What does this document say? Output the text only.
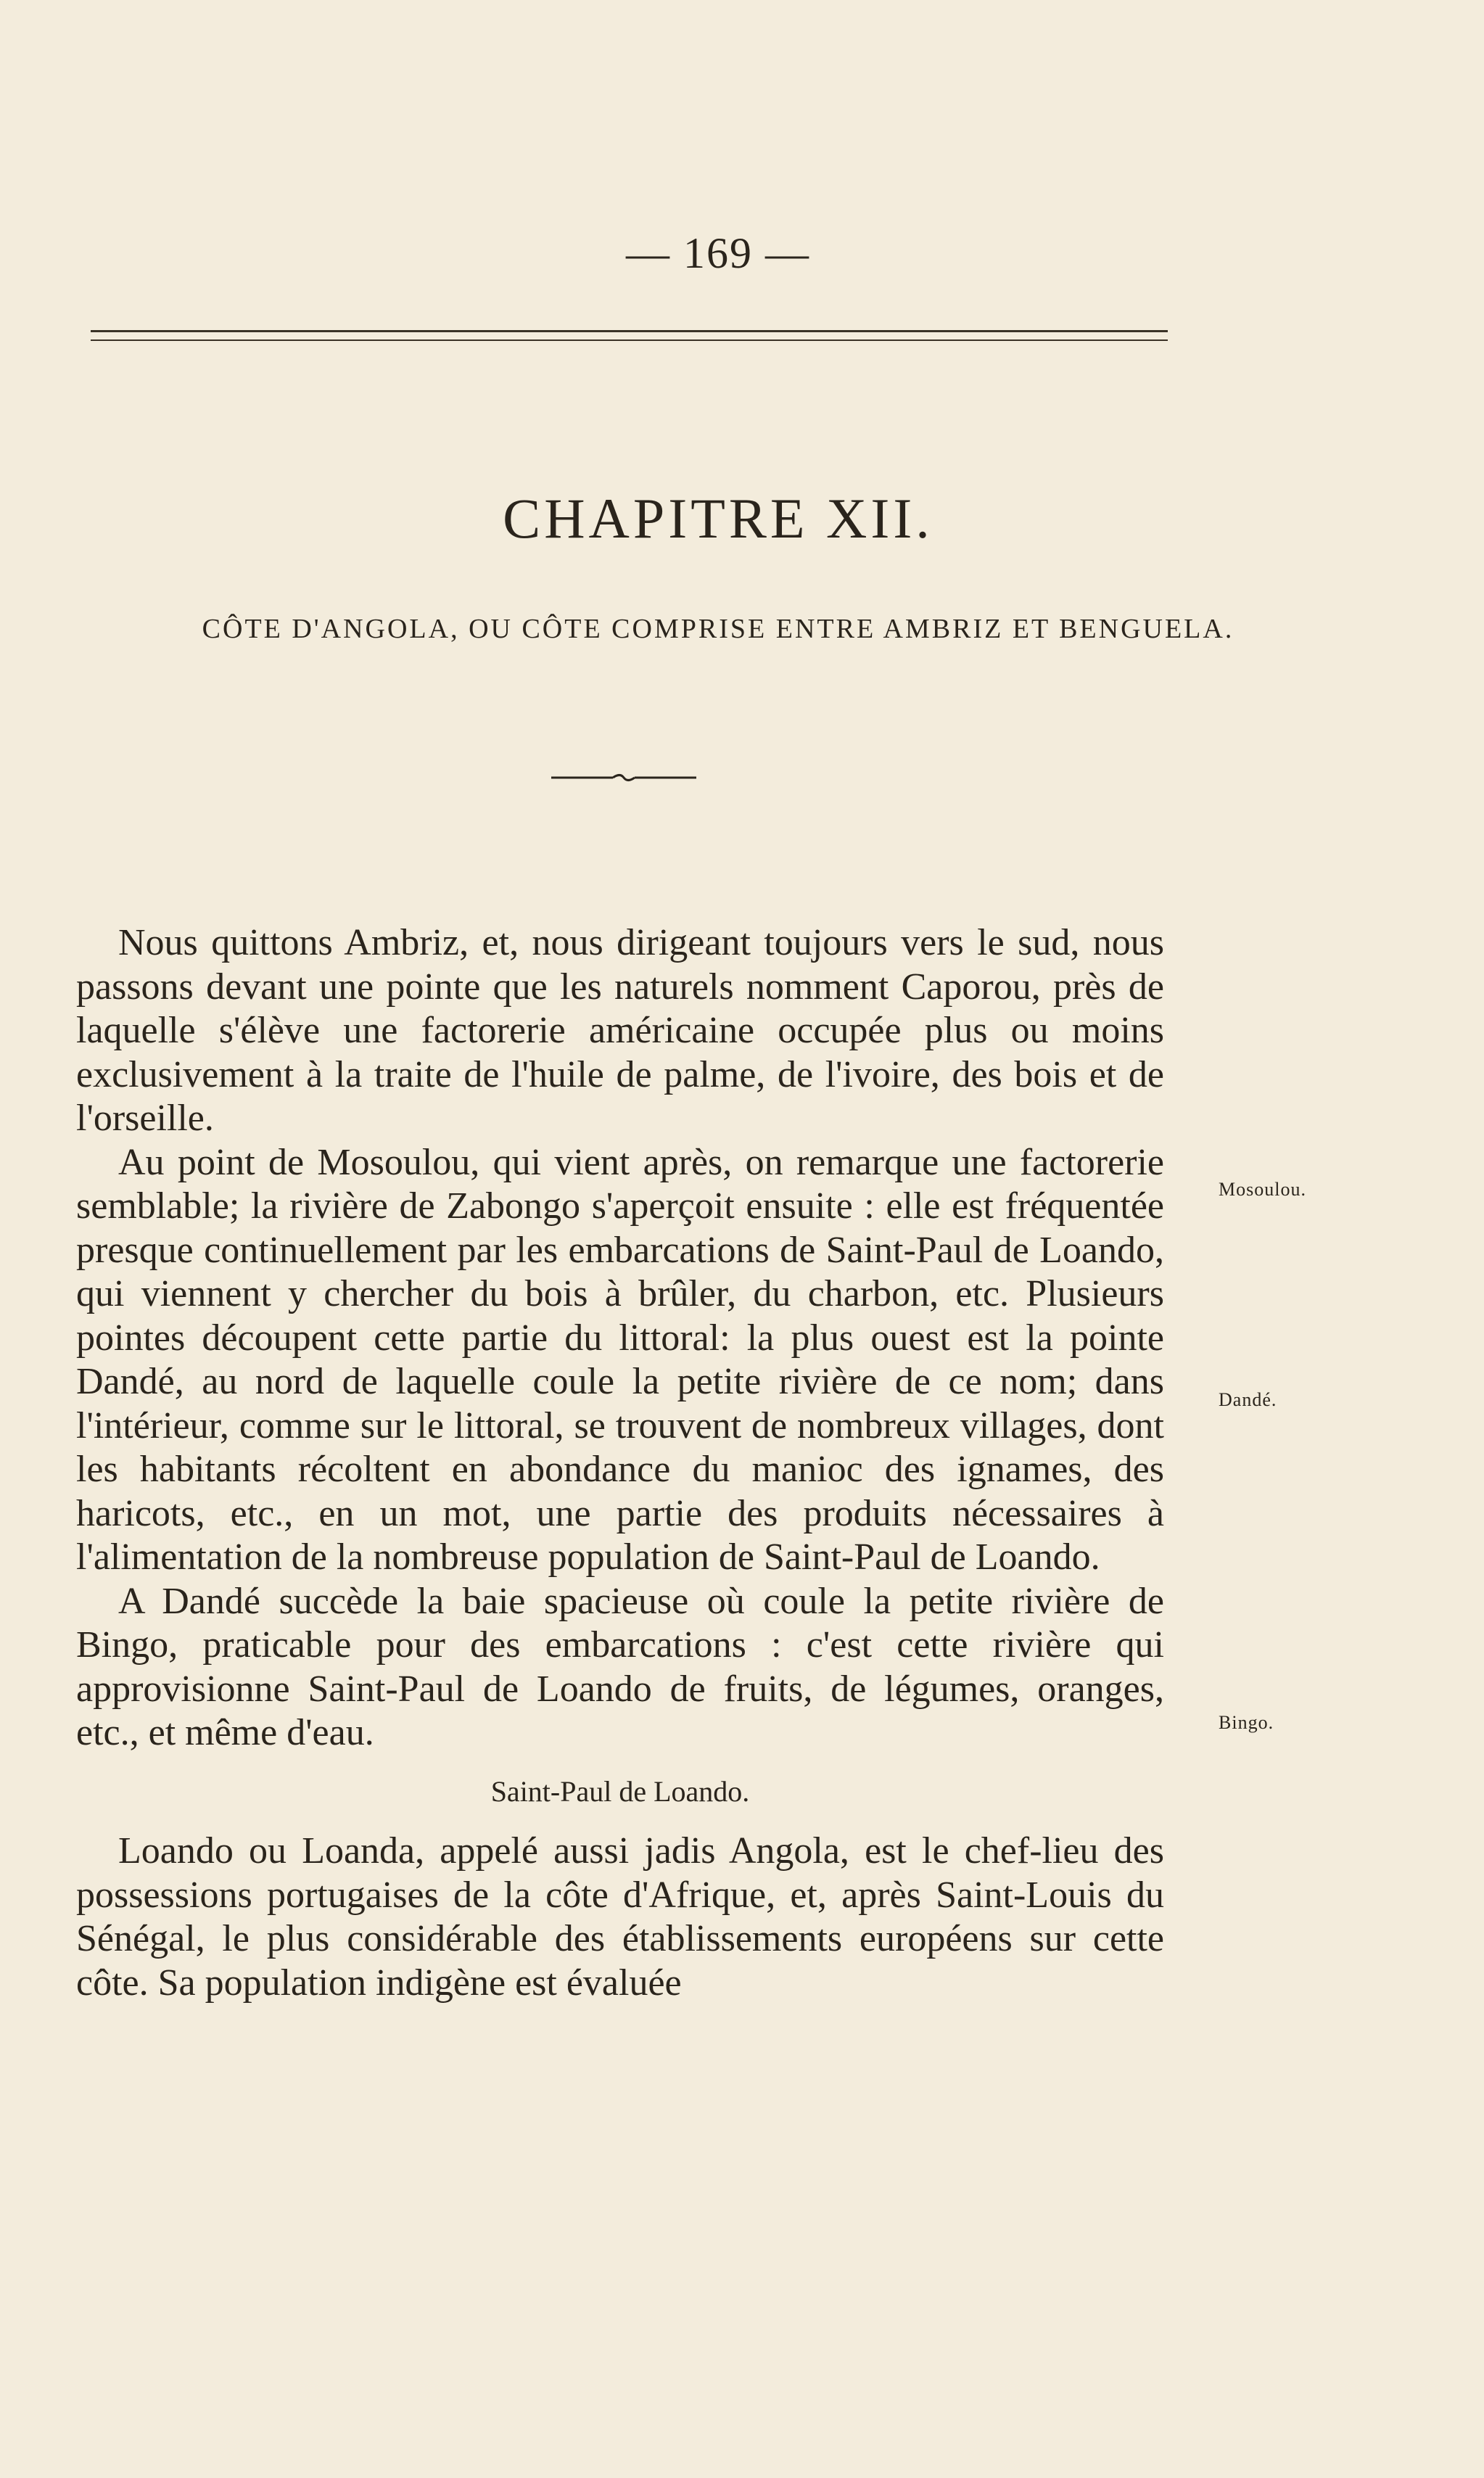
— 169 —
CHAPITRE XII.
CÔTE D'ANGOLA, OU CÔTE COMPRISE ENTRE AMBRIZ ET BENGUELA.

Nous quittons Ambriz, et, nous dirigeant toujours vers le sud, nous passons devant une pointe que les naturels nomment Caporou, près de laquelle s'élève une factorerie américaine occupée plus ou moins exclusivement à la traite de l'huile de palme, de l'ivoire, des bois et de l'orseille.

Au point de Mosoulou, qui vient après, on remarque une factorerie semblable; la rivière de Zabongo s'aperçoit ensuite : elle est fréquentée presque continuellement par les embarcations de Saint-Paul de Loando, qui viennent y chercher du bois à brûler, du charbon, etc. Plusieurs pointes découpent cette partie du littoral: la plus ouest est la pointe Dandé, au nord de laquelle coule la petite rivière de ce nom; dans l'intérieur, comme sur le littoral, se trouvent de nombreux villages, dont les habitants récoltent en abondance du manioc des ignames, des haricots, etc., en un mot, une partie des produits nécessaires à l'alimentation de la nombreuse population de Saint-Paul de Loando.

A Dandé succède la baie spacieuse où coule la petite rivière de Bingo, praticable pour des embarcations : c'est cette rivière qui approvisionne Saint-Paul de Loando de fruits, de légumes, oranges, etc., et même d'eau.

Saint-Paul de Loando.

Loando ou Loanda, appelé aussi jadis Angola, est le chef-lieu des possessions portugaises de la côte d'Afrique, et, après Saint-Louis du Sénégal, le plus considérable des établissements européens sur cette côte. Sa population indigène est évaluée

Mosoulou.
Dandé.
Bingo.
